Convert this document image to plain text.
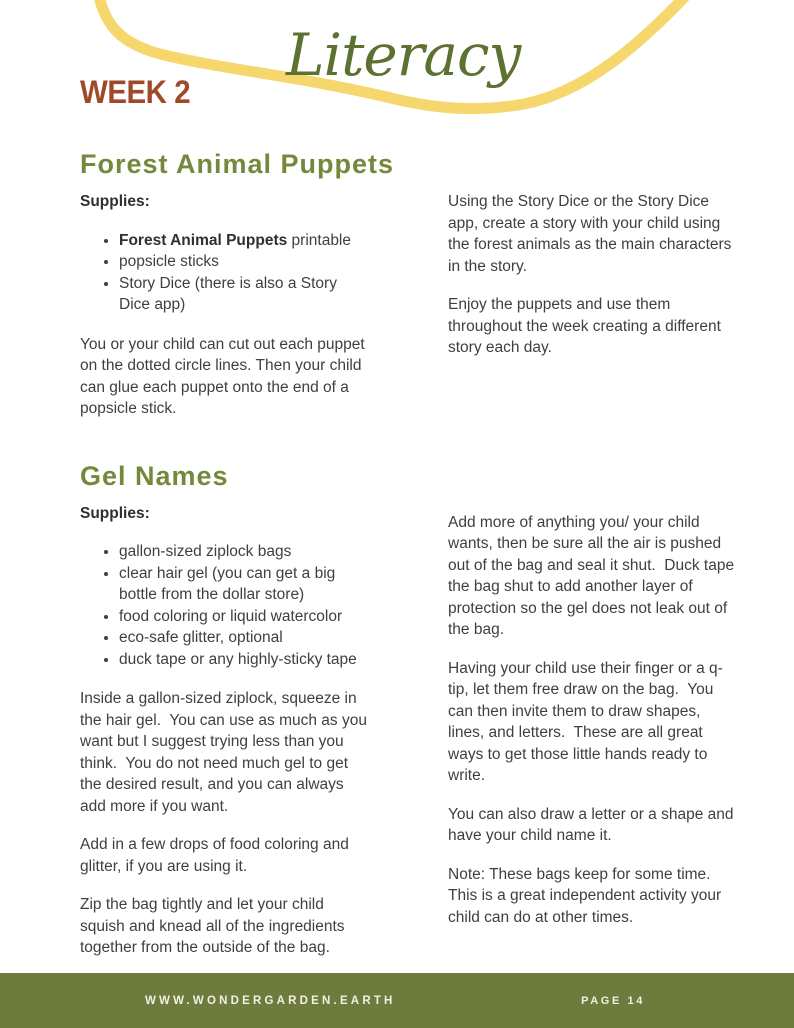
Literacy
WEEK 2
Forest Animal Puppets

Supplies:

• Forest Animal Puppets printable
• popsicle sticks
• Story Dice (there is also a Story Dice app)

You or your child can cut out each puppet on the dotted circle lines. Then your child can glue each puppet onto the end of a popsicle stick.

Using the Story Dice or the Story Dice app, create a story with your child using the forest animals as the main characters in the story.

Enjoy the puppets and use them throughout the week creating a different story each day.

Gel Names

Supplies:

• gallon-sized ziplock bags
• clear hair gel (you can get a big bottle from the dollar store)
• food coloring or liquid watercolor
• eco-safe glitter, optional
• duck tape or any highly-sticky tape

Inside a gallon-sized ziplock, squeeze in the hair gel.  You can use as much as you want but I suggest trying less than you think.  You do not need much gel to get the desired result, and you can always add more if you want.

Add in a few drops of food coloring and glitter, if you are using it.

Zip the bag tightly and let your child squish and knead all of the ingredients together from the outside of the bag.

Add more of anything you/ your child wants, then be sure all the air is pushed out of the bag and seal it shut.  Duck tape the bag shut to add another layer of protection so the gel does not leak out of the bag.

Having your child use their finger or a q-tip, let them free draw on the bag.  You can then invite them to draw shapes, lines, and letters.  These are all great ways to get those little hands ready to write.

You can also draw a letter or a shape and have your child name it.

Note: These bags keep for some time. This is a great independent activity your child can do at other times.

WWW.WONDERGARDEN.EARTH	PAGE 14
